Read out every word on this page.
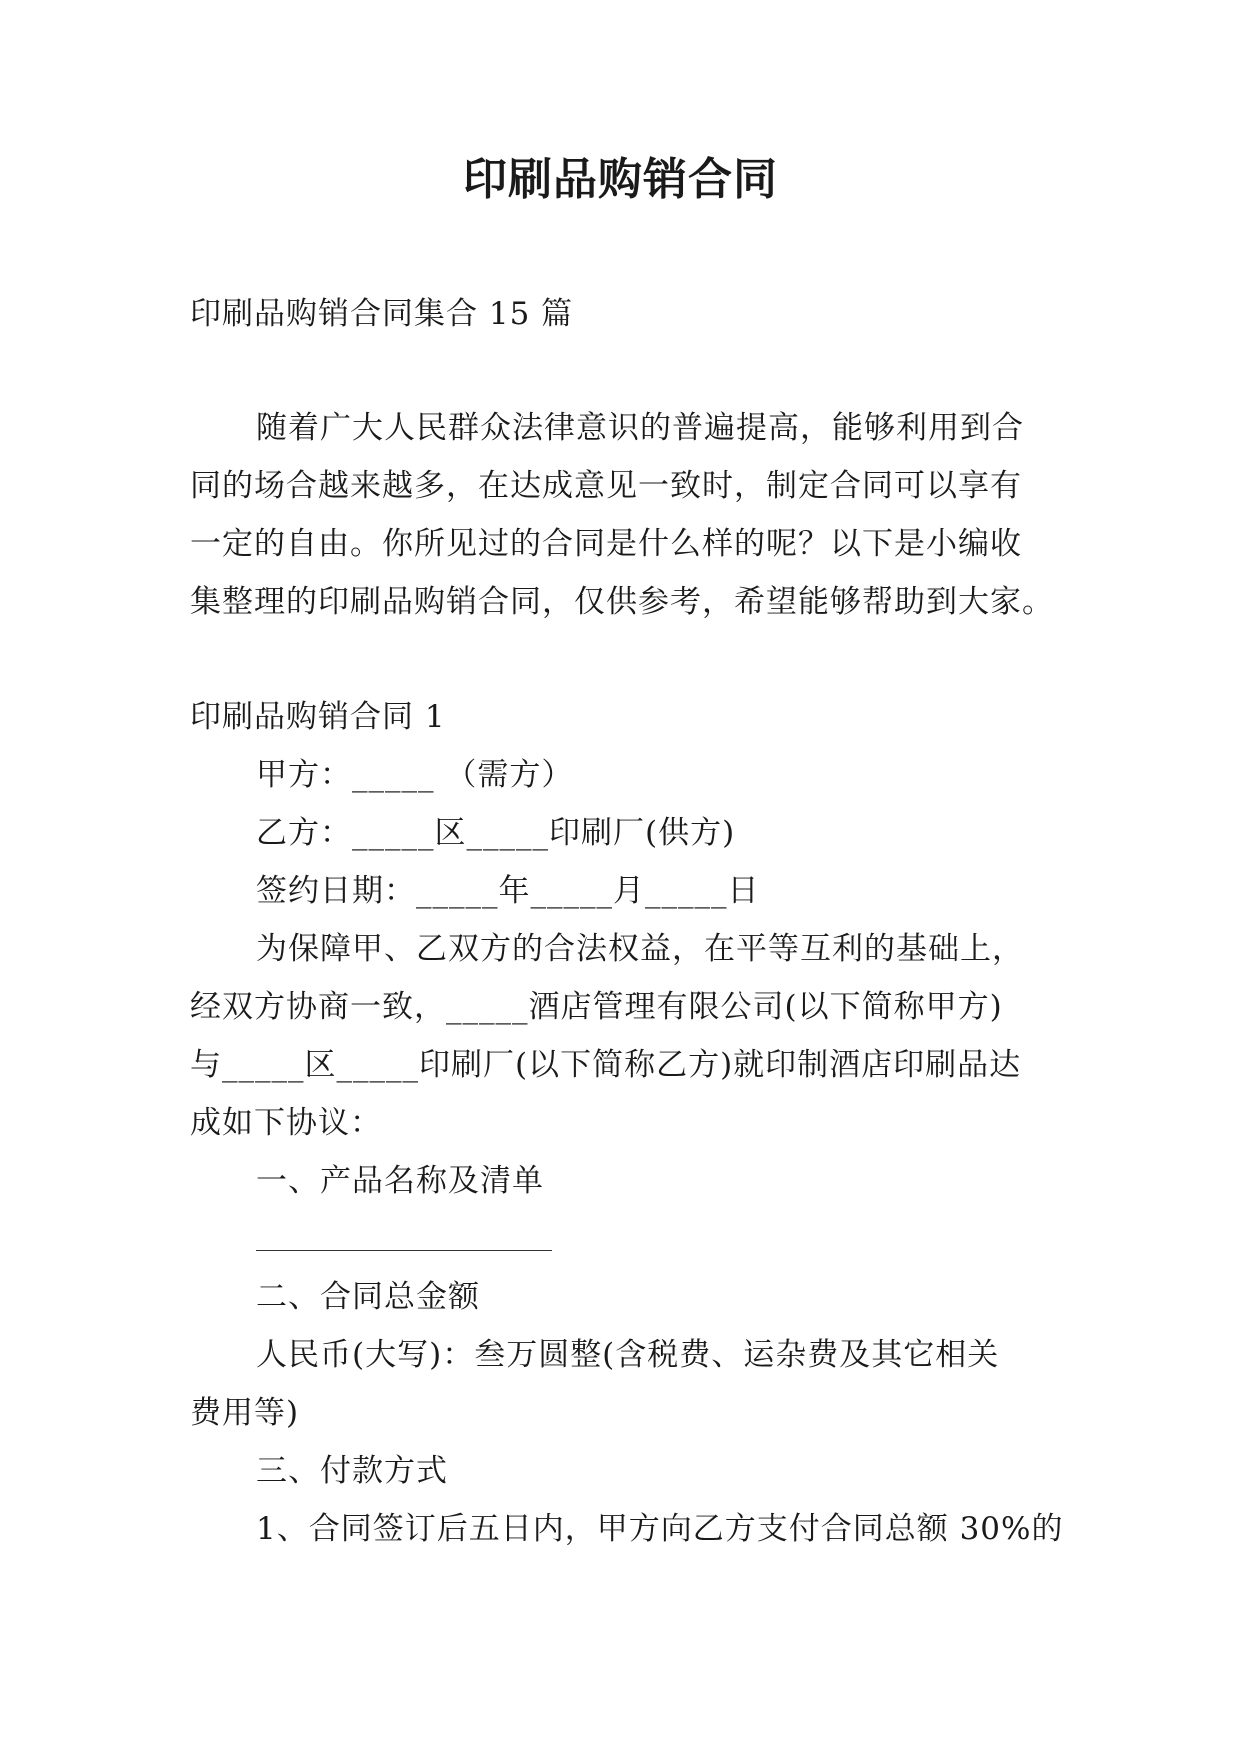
印刷品购销合同
印刷品购销合同集合 15 篇
随着广大人民群众法律意识的普遍提高，能够利用到合
同的场合越来越多，在达成意见一致时，制定合同可以享有
一定的自由。你所见过的合同是什么样的呢？以下是小编收
集整理的印刷品购销合同，仅供参考，希望能够帮助到大家。
印刷品购销合同 1
甲方：_____ （需方）
乙方：_____区_____印刷厂(供方)
签约日期：_____年_____月_____日
为保障甲、乙双方的合法权益，在平等互利的基础上，
经双方协商一致，_____酒店管理有限公司(以下简称甲方)
与_____区_____印刷厂(以下简称乙方)就印制酒店印刷品达
成如下协议：
一、产品名称及清单
二、合同总金额
人民币(大写)：叁万圆整(含税费、运杂费及其它相关
费用等)
三、付款方式
1、合同签订后五日内，甲方向乙方支付合同总额 30%的
